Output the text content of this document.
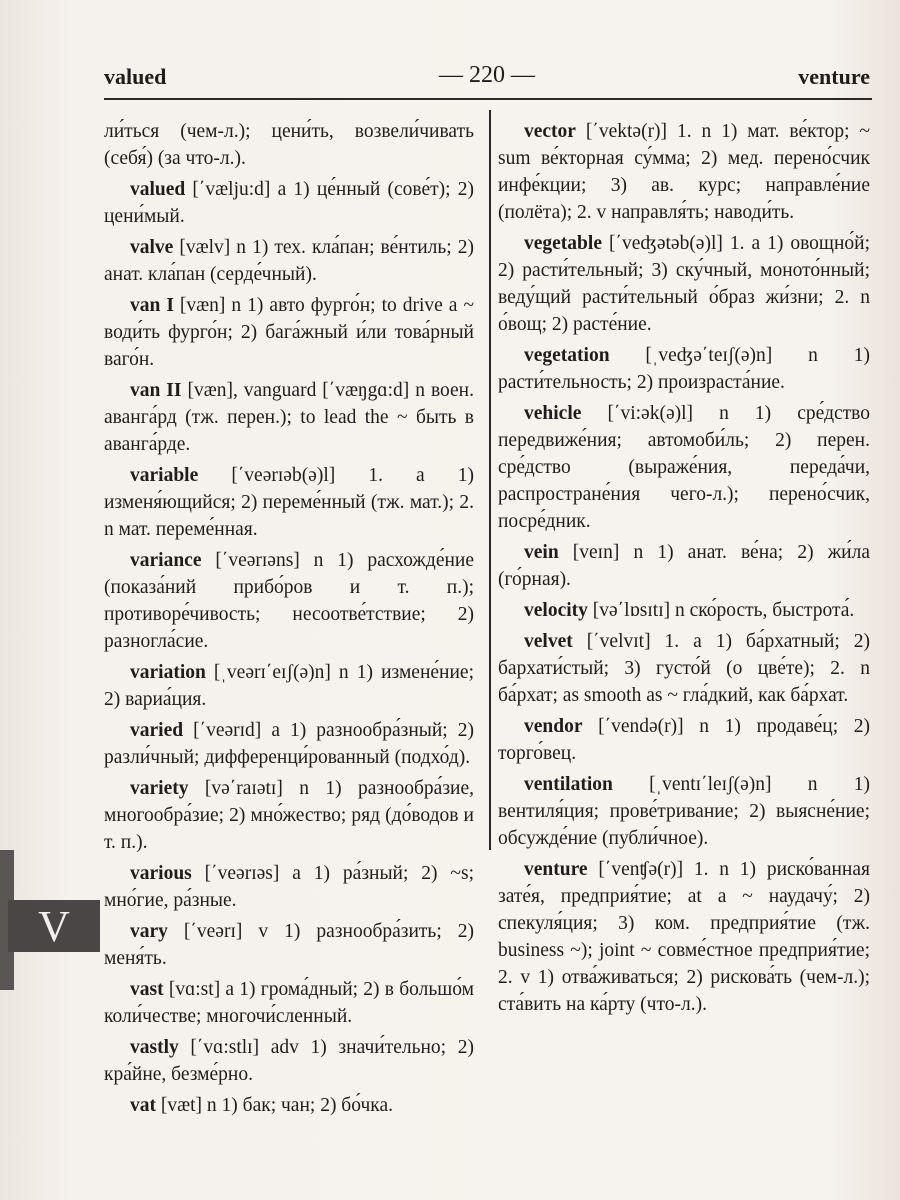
valued	— 220 —	venture

ли́ться (чем-л.); цени́ть, возвели́чивать (себя́) (за что-л.).

valued [΄vælju:d] a 1) це́нный (сове́т); 2) цени́мый.

valve [vælv] n 1) тех. кла́пан; ве́нтиль; 2) анат. кла́пан (серде́чный).

van I [væn] n 1) авто фурго́н; to drive a ~ води́ть фурго́н; 2) бага́жный и́ли това́рный ваго́н.

van II [væn], vanguard [΄væŋgɑ:d] n воен. аванга́рд (тж. перен.); to lead the ~ быть в аванга́рде.

variable [΄veərɪəb(ə)l] 1. a 1) изменя́ющийся; 2) переме́нный (тж. мат.); 2. n мат. переме́нная.

variance [΄veərɪəns] n 1) расхожде́ние (показа́ний прибо́ров и т. п.); противоре́чивость; несоотве́тствие; 2) разногла́сие.

variation [ˌveərɪ΄eɪʃ(ə)n] n 1) измене́ние; 2) вариа́ция.

varied [΄veərɪd] a 1) разнообра́зный; 2) разли́чный; дифференци́рованный (подхо́д).

variety [və΄raɪətɪ] n 1) разнообра́зие, многообра́зие; 2) мно́жество; ряд (до́водов и т. п.).

various [΄veərɪəs] a 1) ра́зный; 2) ~s; мно́гие, ра́зные.

vary [΄veərɪ] v 1) разнообра́зить; 2) меня́ть.

vast [vɑ:st] a 1) грома́дный; 2) в большо́м коли́честве; многочи́сленный.

vastly [΄vɑ:stlɪ] adv 1) значи́тельно; 2) кра́йне, безме́рно.

vat [væt] n 1) бак; чан; 2) бо́чка.

vector [΄vektə(r)] 1. n 1) мат. ве́ктор; ~ sum ве́кторная су́мма; 2) мед. перено́счик инфе́кции; 3) ав. курс; направле́ние (полёта); 2. v направля́ть; наводи́ть.

vegetable [΄veʤətəb(ə)l] 1. a 1) овощно́й; 2) расти́тельный; 3) ску́чный, моното́нный; веду́щий расти́тельный о́браз жи́зни; 2. n о́вощ; 2) расте́ние.

vegetation [ˌveʤə΄teɪʃ(ə)n] n 1) расти́тельность; 2) произраста́ние.

vehicle [΄vi:ək(ə)l] n 1) сре́дство передвиже́ния; автомоби́ль; 2) перен. сре́дство (выраже́ния, переда́чи, распростране́ния чего-л.); перено́счик, посре́дник.

vein [veɪn] n 1) анат. ве́на; 2) жи́ла (го́рная).

velocity [və΄lɒsɪtɪ] n ско́рость, быстрота́.

velvet [΄velvɪt] 1. a 1) ба́рхатный; 2) бархати́стый; 3) густо́й (о цве́те); 2. n ба́рхат; as smooth as ~ гла́дкий, как ба́рхат.

vendor [΄vendə(r)] n 1) продаве́ц; 2) торго́вец.

ventilation [ˌventɪ΄leɪʃ(ə)n] n 1) вентиля́ция; прове́тривание; 2) выясне́ние; обсужде́ние (публи́чное).

venture [΄venʧə(r)] 1. n 1) риско́ванная зате́я, предприя́тие; at a ~ наудачу́; 2) спекуля́ция; 3) ком. предприя́тие (тж. business ~); joint ~ совме́стное предприя́тие; 2. v 1) отва́живаться; 2) рискова́ть (чем-л.); ста́вить на ка́рту (что-л.).

V
